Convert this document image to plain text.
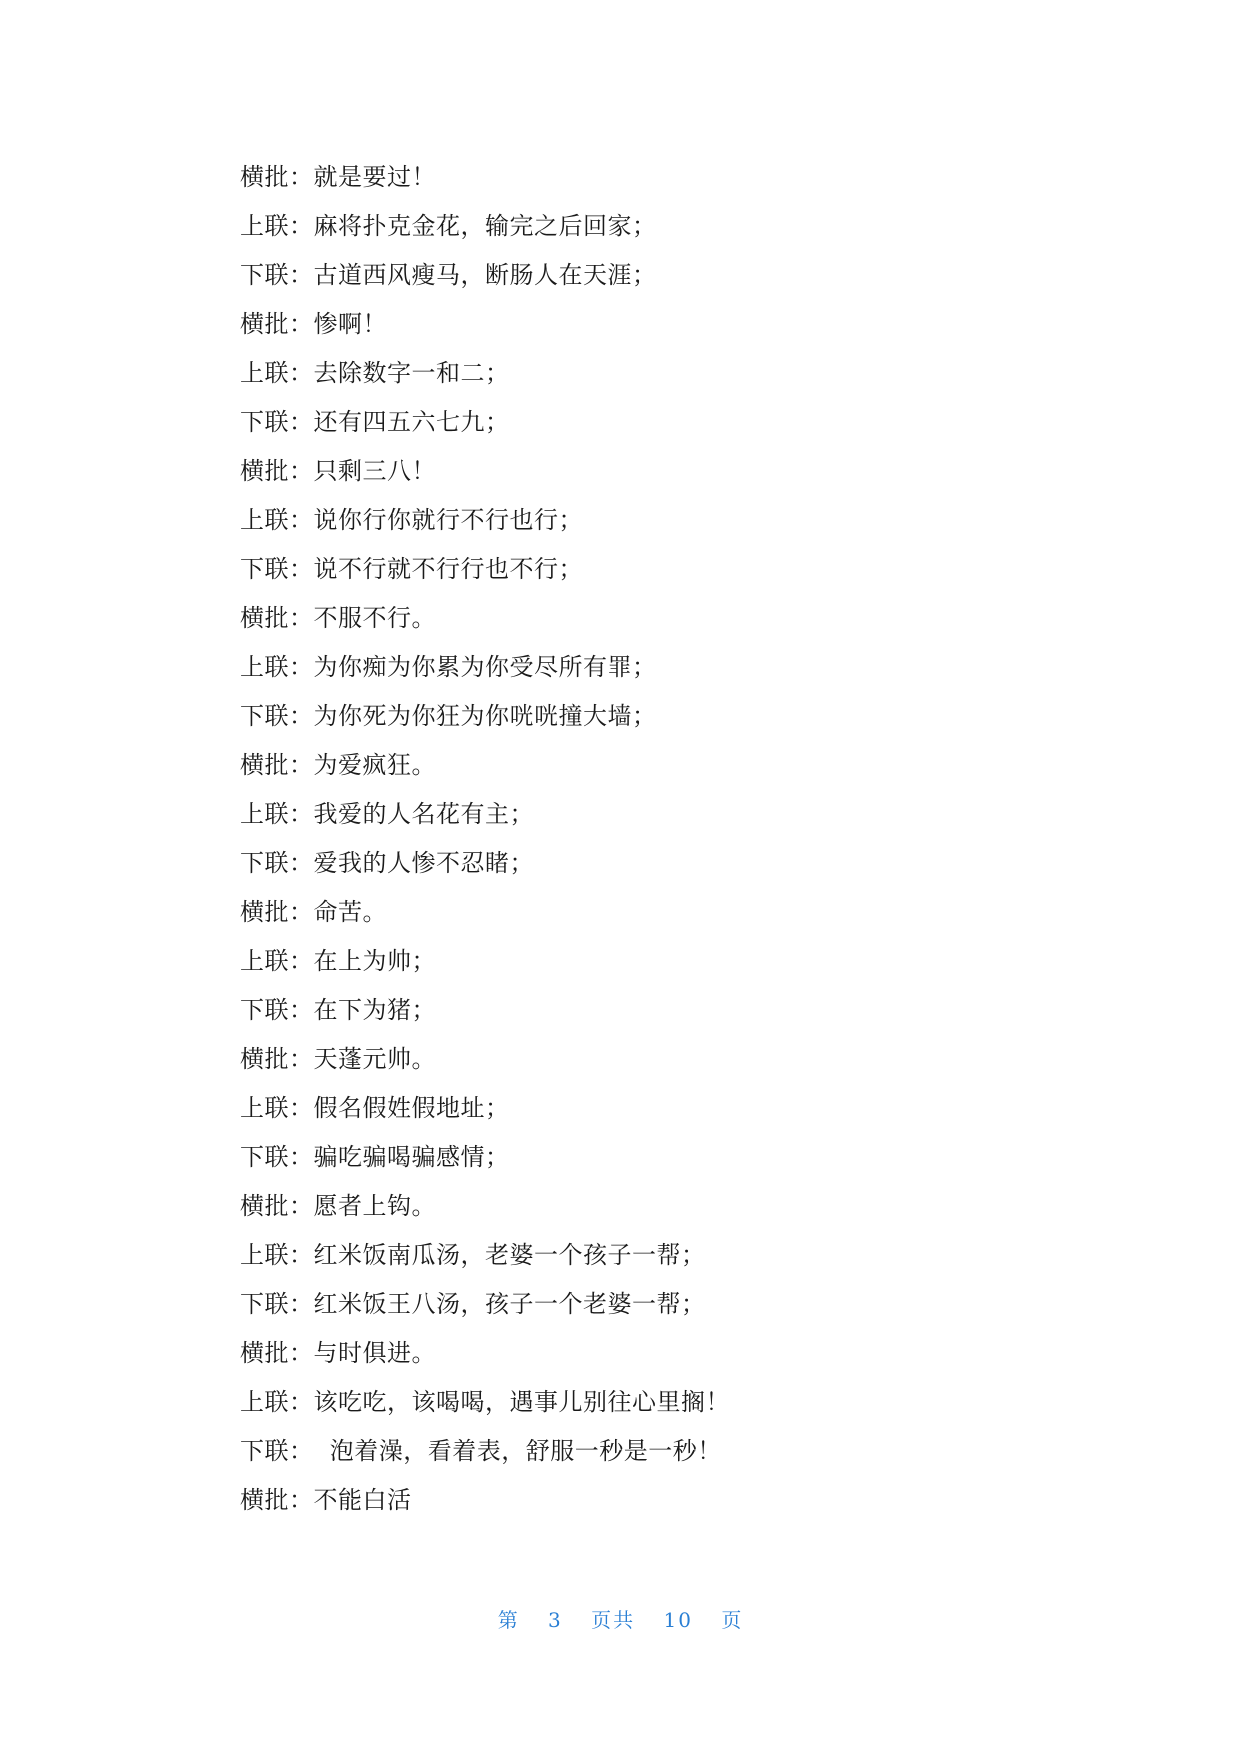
横批：就是要过！
上联：麻将扑克金花，输完之后回家；
下联：古道西风瘦马，断肠人在天涯；
横批：惨啊！
上联：去除数字一和二；
下联：还有四五六七九；
横批：只剩三八！
上联：说你行你就行不行也行；
下联：说不行就不行行也不行；
横批：不服不行。
上联：为你痴为你累为你受尽所有罪；
下联：为你死为你狂为你咣咣撞大墙；
横批：为爱疯狂。
上联：我爱的人名花有主；
下联：爱我的人惨不忍睹；
横批：命苦。
上联：在上为帅；
下联：在下为猪；
横批：天蓬元帅。
上联：假名假姓假地址；
下联：骗吃骗喝骗感情；
横批：愿者上钩。
上联：红米饭南瓜汤，老婆一个孩子一帮；
下联：红米饭王八汤，孩子一个老婆一帮；
横批：与时俱进。
上联：该吃吃，该喝喝，遇事儿别往心里搁！
下联：  泡着澡，看着表，舒服一秒是一秒！
横批：不能白活
第 3 页共 10 页
